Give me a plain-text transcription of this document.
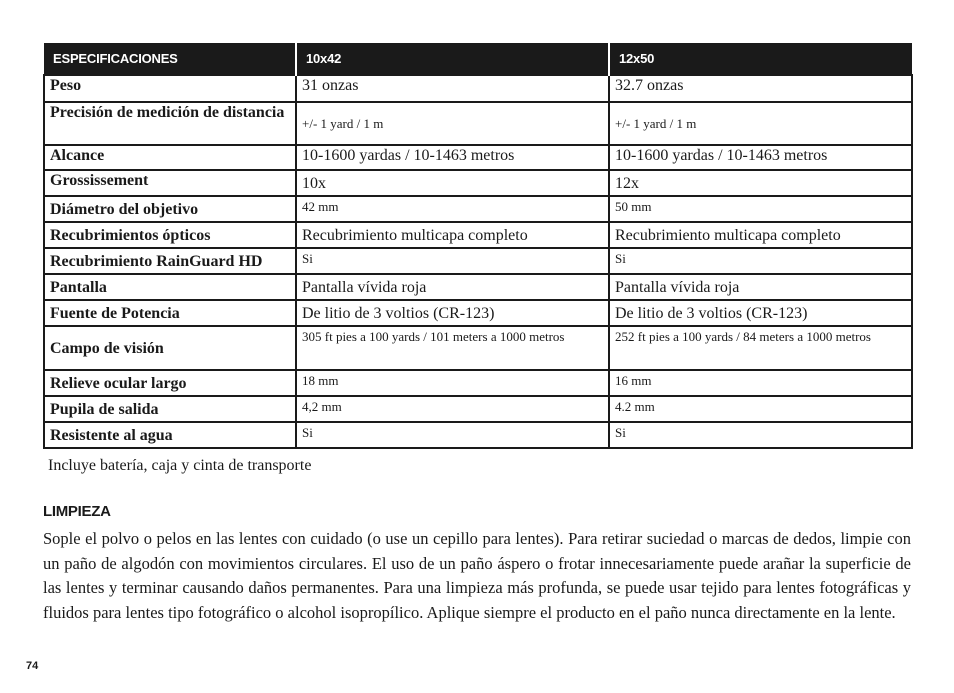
ESPECIFICACIONES	10x42	12x50
Peso	31 onzas	32.7 onzas
Precisión de medición de distancia	+/- 1 yard / 1 m	+/- 1 yard / 1 m
Alcance	10-1600 yardas / 10-1463 metros	10-1600 yardas / 10-1463 metros
Grossissement	10x	12x
Diámetro del objetivo	42 mm	50 mm
Recubrimientos ópticos	Recubrimiento multicapa completo	Recubrimiento multicapa completo
Recubrimiento RainGuard HD	Si	Si
Pantalla	Pantalla vívida roja	Pantalla vívida roja
Fuente de Potencia	De litio de 3 voltios (CR-123)	De litio de 3 voltios (CR-123)
Campo de visión	305 ft pies a 100 yards / 101 meters a 1000 metros	252 ft pies a 100 yards / 84 meters a 1000 metros
Relieve ocular largo	18 mm	16 mm
Pupila de salida	4,2 mm	4.2 mm
Resistente al agua	Si	Si
Incluye batería, caja y cinta de transporte
LIMPIEZA

Sople el polvo o pelos en las lentes con cuidado (o use un cepillo para lentes). Para retirar suciedad o marcas de dedos, limpie con un paño de algodón con movimientos circulares. El uso de un paño áspero o frotar innecesariamente puede arañar la superficie de las lentes y terminar causando daños permanentes. Para una limpieza más profunda, se puede usar tejido para lentes fotográficas y fluidos para lentes tipo fotográfico o alcohol isopropílico. Aplique siempre el producto en el paño nunca directamente en la lente.

74
